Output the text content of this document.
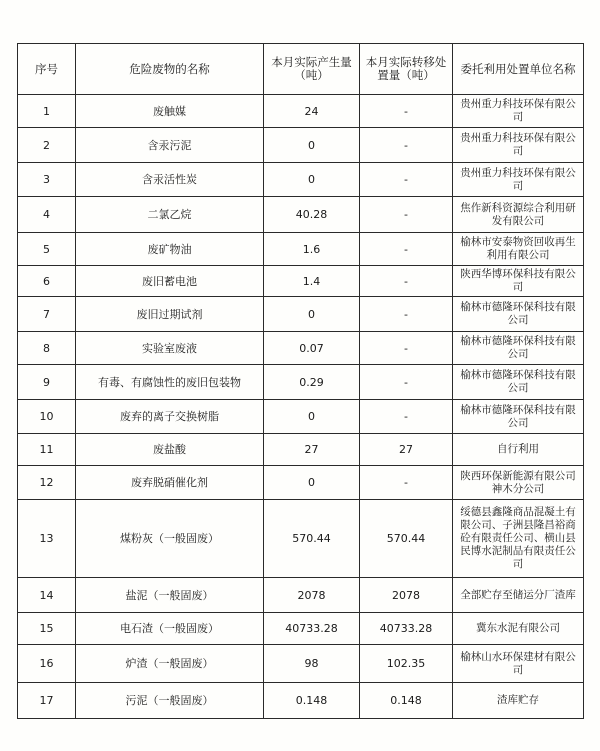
序号	危险废物的名称	本月实际产生量（吨）	本月实际转移处置量（吨）	委托利用处置单位名称
1	废触媒	24	-	贵州重力科技环保有限公司
2	含汞污泥	0	-	贵州重力科技环保有限公司
3	含汞活性炭	0	-	贵州重力科技环保有限公司
4	二氯乙烷	40.28	-	焦作新科资源综合利用研发有限公司
5	废矿物油	1.6	-	榆林市安泰物资回收再生利用有限公司
6	废旧蓄电池	1.4	-	陕西华博环保科技有限公司
7	废旧过期试剂	0	-	榆林市德隆环保科技有限公司
8	实验室废液	0.07	-	榆林市德隆环保科技有限公司
9	有毒、有腐蚀性的废旧包装物	0.29	-	榆林市德隆环保科技有限公司
10	废弃的离子交换树脂	0	-	榆林市德隆环保科技有限公司
11	废盐酸	27	27	自行利用
12	废弃脱硝催化剂	0	-	陕西环保新能源有限公司神木分公司
13	煤粉灰（一般固废）	570.44	570.44	绥德县鑫隆商品混凝土有限公司、子洲县隆昌裕商砼有限责任公司、横山县民博水泥制品有限责任公司
14	盐泥（一般固废）	2078	2078	全部贮存至储运分厂渣库
15	电石渣（一般固废）	40733.28	40733.28	冀东水泥有限公司
16	炉渣（一般固废）	98	102.35	榆林山水环保建材有限公司
17	污泥（一般固废）	0.148	0.148	渣库贮存
